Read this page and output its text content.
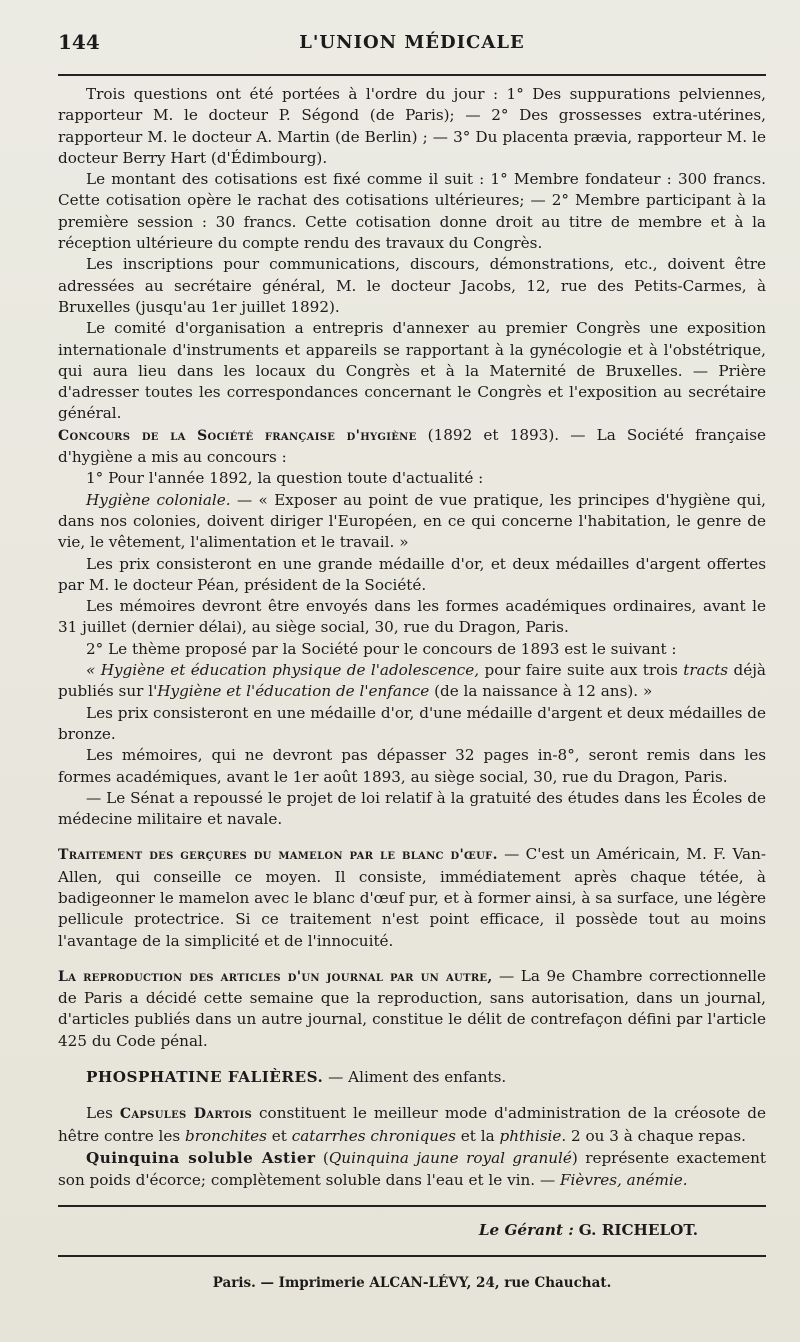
144	L'UNION MÉDICALE

Trois questions ont été portées à l'ordre du jour : 1° Des suppurations pelviennes, rapporteur M. le docteur P. Ségond (de Paris); — 2° Des grossesses extra-utérines, rapporteur M. le docteur A. Martin (de Berlin) ; — 3° Du placenta prævia, rapporteur M. le docteur Berry Hart (d'Édimbourg).

Le montant des cotisations est fixé comme il suit : 1° Membre fondateur : 300 francs. Cette cotisation opère le rachat des cotisations ultérieures; — 2° Membre participant à la première session : 30 francs. Cette cotisation donne droit au titre de membre et à la réception ultérieure du compte rendu des travaux du Congrès.

Les inscriptions pour communications, discours, démonstrations, etc., doivent être adressées au secrétaire général, M. le docteur Jacobs, 12, rue des Petits-Carmes, à Bruxelles (jusqu'au 1er juillet 1892).

Le comité d'organisation a entrepris d'annexer au premier Congrès une exposition internationale d'instruments et appareils se rapportant à la gynécologie et à l'obstétrique, qui aura lieu dans les locaux du Congrès et à la Maternité de Bruxelles. — Prière d'adresser toutes les correspondances concernant le Congrès et l'exposition au secrétaire général.

Concours de la Société française d'hygiène (1892 et 1893). — La Société française d'hygiène a mis au concours :

1° Pour l'année 1892, la question toute d'actualité :

Hygiène coloniale. — « Exposer au point de vue pratique, les principes d'hygiène qui, dans nos colonies, doivent diriger l'Européen, en ce qui concerne l'habitation, le genre de vie, le vêtement, l'alimentation et le travail. »

Les prix consisteront en une grande médaille d'or, et deux médailles d'argent offertes par M. le docteur Péan, président de la Société.

Les mémoires devront être envoyés dans les formes académiques ordinaires, avant le 31 juillet (dernier délai), au siège social, 30, rue du Dragon, Paris.

2° Le thème proposé par la Société pour le concours de 1893 est le suivant :

« Hygiène et éducation physique de l'adolescence, pour faire suite aux trois tracts déjà publiés sur l'Hygiène et l'éducation de l'enfance (de la naissance à 12 ans). »

Les prix consisteront en une médaille d'or, d'une médaille d'argent et deux médailles de bronze.

Les mémoires, qui ne devront pas dépasser 32 pages in-8°, seront remis dans les formes académiques, avant le 1er août 1893, au siège social, 30, rue du Dragon, Paris.

— Le Sénat a repoussé le projet de loi relatif à la gratuité des études dans les Écoles de médecine militaire et navale.

Traitement des gerçures du mamelon par le blanc d'œuf. — C'est un Américain, M. F. Van-Allen, qui conseille ce moyen. Il consiste, immédiatement après chaque tétée, à badigeonner le mamelon avec le blanc d'œuf pur, et à former ainsi, à sa surface, une légère pellicule protectrice. Si ce traitement n'est point efficace, il possède tout au moins l'avantage de la simplicité et de l'innocuité.

La reproduction des articles d'un journal par un autre, — La 9e Chambre correctionnelle de Paris a décidé cette semaine que la reproduction, sans autorisation, dans un journal, d'articles publiés dans un autre journal, constitue le délit de contrefaçon défini par l'article 425 du Code pénal.

PHOSPHATINE FALIÈRES. — Aliment des enfants.

Les Capsules Dartois constituent le meilleur mode d'administration de la créosote de hêtre contre les bronchites et catarrhes chroniques et la phthisie. 2 ou 3 à chaque repas.

Quinquina soluble Astier (Quinquina jaune royal granulé) représente exactement son poids d'écorce; complètement soluble dans l'eau et le vin. — Fièvres, anémie.

Le Gérant : G. RICHELOT.
Paris. — Imprimerie ALCAN-LÉVY, 24, rue Chauchat.
